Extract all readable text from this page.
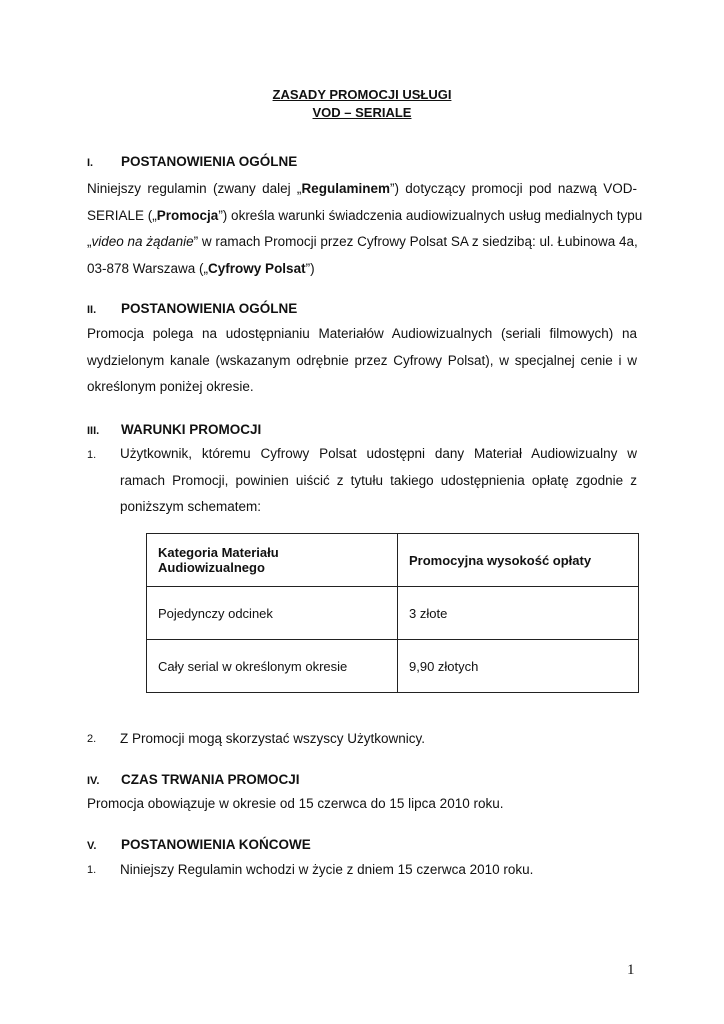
ZASADY PROMOCJI USŁUGI
VOD – SERIALE
I. POSTANOWIENIA OGÓLNE
Niniejszy regulamin (zwany dalej „Regulaminem”) dotyczący promocji pod nazwą VOD-
SERIALE („Promocja”) określa warunki świadczenia audiowizualnych usług medialnych typu
„video na żądanie” w ramach Promocji przez Cyfrowy Polsat SA z siedzibą: ul. Łubinowa 4a,
03-878 Warszawa („Cyfrowy Polsat”)
II. POSTANOWIENIA OGÓLNE
Promocja polega na udostępnianiu Materiałów Audiowizualnych (seriali filmowych) na
wydzielonym kanale (wskazanym odrębnie przez Cyfrowy Polsat), w specjalnej cenie i w
określonym poniżej okresie.
III. WARUNKI PROMOCJI
1. Użytkownik, któremu Cyfrowy Polsat udostępni dany Materiał Audiowizualny w
ramach Promocji, powinien uiścić z tytułu takiego udostępnienia opłatę zgodnie z
poniższym schematem:
Kategoria Materiału Audiowizualnego	Promocyjna wysokość opłaty
Pojedynczy odcinek	3 złote
Cały serial w określonym okresie	9,90 złotych
2. Z Promocji mogą skorzystać wszyscy Użytkownicy.
IV. CZAS TRWANIA PROMOCJI
Promocja obowiązuje w okresie od 15 czerwca do 15 lipca 2010 roku.
V. POSTANOWIENIA KOŃCOWE
1. Niniejszy Regulamin wchodzi w życie z dniem 15 czerwca 2010 roku.
1
